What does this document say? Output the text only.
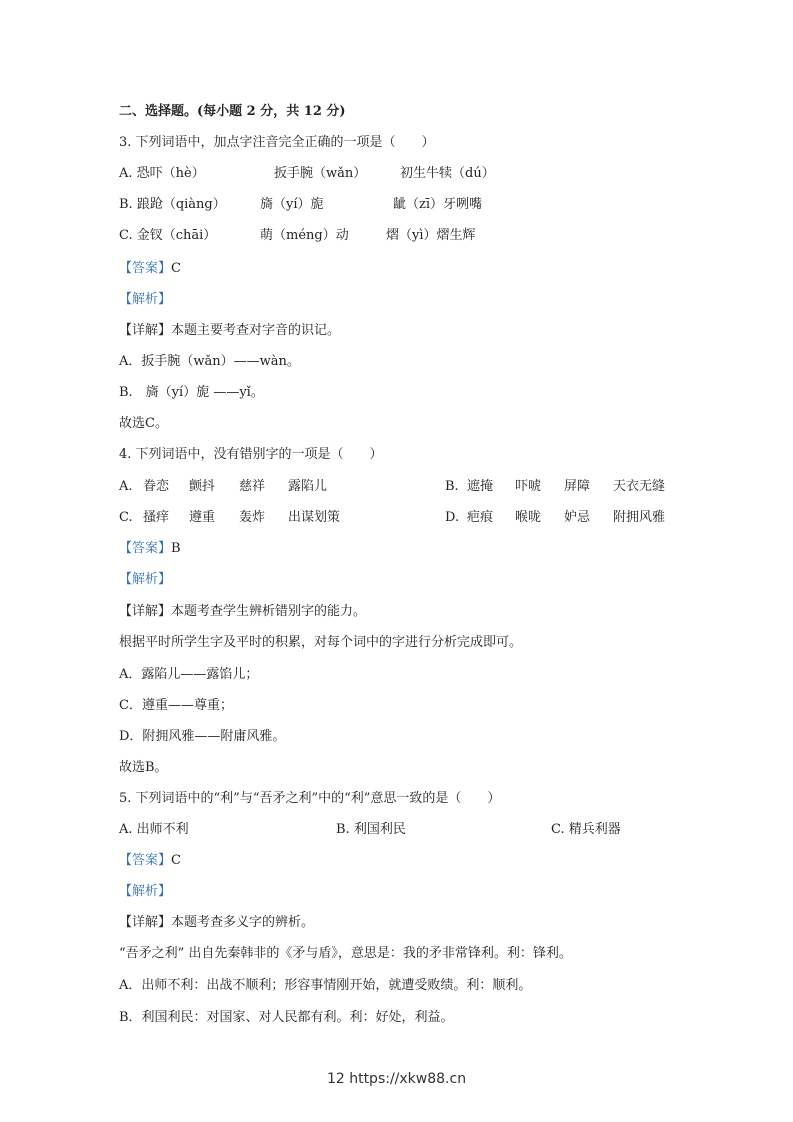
二、选择题。(每小题 2 分，共 12 分)
3. 下列词语中，加点字注音完全正确的一项是（　　）
A. 恐吓（hè）	扳手腕（wǎn）	初生牛犊（dú）
B. 踉跄（qiàng）	旖（yí）旎	龇（zī）牙咧嘴
C. 金钗（chāi）	萌（méng）动	熠（yì）熠生辉
【答案】C
【解析】
【详解】本题主要考查对字音的识记。
A．扳手腕（wǎn）——wàn。
B.　旖（yí）旎 ——yǐ。
故选C。
4. 下列词语中，没有错别字的一项是（　　）
A. 眷恋 颤抖 慈祥 露陷儿	B. 遮掩 吓唬 屏障 天衣无缝
C. 搔痒 遵重 轰炸 出谋划策	D. 疤痕 喉咙 妒忌 附拥风雅
【答案】B
【解析】
【详解】本题考查学生辨析错别字的能力。
根据平时所学生字及平时的积累，对每个词中的字进行分析完成即可。
A．露陷儿——露馅儿；
C．遵重——尊重；
D．附拥风雅——附庸风雅。
故选B。
5. 下列词语中的“利”与“吾矛之利”中的“利”意思一致的是（　　）
A. 出师不利	B. 利国利民	C. 精兵利器
【答案】C
【解析】
【详解】本题考查多义字的辨析。
“吾矛之利” 出自先秦韩非的《矛与盾》，意思是：我的矛非常锋利。利：锋利。
A．出师不利：出战不顺利；形容事情刚开始，就遭受败绩。利：顺利。
B．利国利民：对国家、对人民都有利。利：好处，利益。
12 https://xkw88.cn
